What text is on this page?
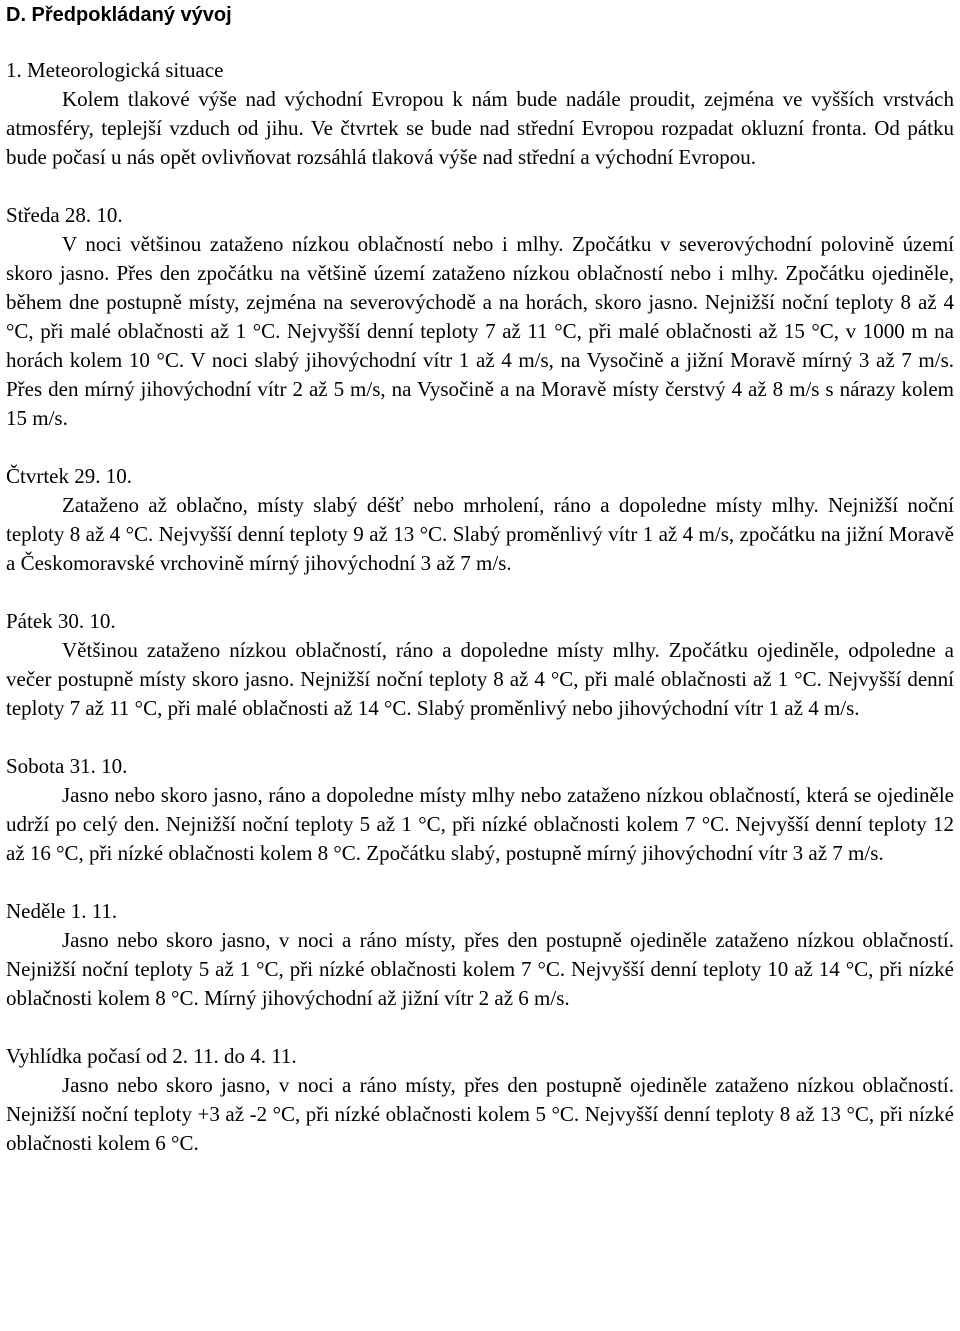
D. Předpokládaný vývoj
1. Meteorologická situace

Kolem tlakové výše nad východní Evropou k nám bude nadále proudit, zejména ve vyšších vrstvách atmosféry, teplejší vzduch od jihu. Ve čtvrtek se bude nad střední Evropou rozpadat okluzní fronta. Od pátku bude počasí u nás opět ovlivňovat rozsáhlá tlaková výše nad střední a východní Evropou.

Středa 28. 10.

V noci většinou zataženo nízkou oblačností nebo i mlhy. Zpočátku v severovýchodní polovině území skoro jasno. Přes den zpočátku na většině území zataženo nízkou oblačností nebo i mlhy. Zpočátku ojediněle, během dne postupně místy, zejména na severovýchodě a na horách, skoro jasno. Nejnižší noční teploty 8 až 4 °C, při malé oblačnosti až 1 °C. Nejvyšší denní teploty 7 až 11 °C, při malé oblačnosti až 15 °C, v 1000 m na horách kolem 10 °C. V noci slabý jihovýchodní vítr 1 až 4 m/s, na Vysočině a jižní Moravě mírný 3 až 7 m/s. Přes den mírný jihovýchodní vítr 2 až 5 m/s, na Vysočině a na Moravě místy čerstvý 4 až 8 m/s s nárazy kolem 15 m/s.

Čtvrtek 29. 10.

Zataženo až oblačno, místy slabý déšť nebo mrholení, ráno a dopoledne místy mlhy. Nejnižší noční teploty 8 až 4 °C. Nejvyšší denní teploty 9 až 13 °C. Slabý proměnlivý vítr 1 až 4 m/s, zpočátku na jižní Moravě a Českomoravské vrchovině mírný jihovýchodní 3 až 7 m/s.

Pátek 30. 10.

Většinou zataženo nízkou oblačností, ráno a dopoledne místy mlhy. Zpočátku ojediněle, odpoledne a večer postupně místy skoro jasno. Nejnižší noční teploty 8 až 4 °C, při malé oblačnosti až 1 °C. Nejvyšší denní teploty 7 až 11 °C, při malé oblačnosti až 14 °C. Slabý proměnlivý nebo jihovýchodní vítr 1 až 4 m/s.

Sobota 31. 10.

Jasno nebo skoro jasno, ráno a dopoledne místy mlhy nebo zataženo nízkou oblačností, která se ojediněle udrží po celý den. Nejnižší noční teploty 5 až 1 °C, při nízké oblačnosti kolem 7 °C. Nejvyšší denní teploty 12 až 16 °C, při nízké oblačnosti kolem 8 °C. Zpočátku slabý, postupně mírný jihovýchodní vítr 3 až 7 m/s.

Neděle 1. 11.

Jasno nebo skoro jasno, v noci a ráno místy, přes den postupně ojediněle zataženo nízkou oblačností. Nejnižší noční teploty 5 až 1 °C, při nízké oblačnosti kolem 7 °C. Nejvyšší denní teploty 10 až 14 °C, při nízké oblačnosti kolem 8 °C. Mírný jihovýchodní až jižní vítr 2 až 6 m/s.

Vyhlídka počasí od 2. 11. do 4. 11.

Jasno nebo skoro jasno, v noci a ráno místy, přes den postupně ojediněle zataženo nízkou oblačností. Nejnižší noční teploty +3 až -2 °C, při nízké oblačnosti kolem 5 °C. Nejvyšší denní teploty 8 až 13 °C, při nízké oblačnosti kolem 6 °C.
